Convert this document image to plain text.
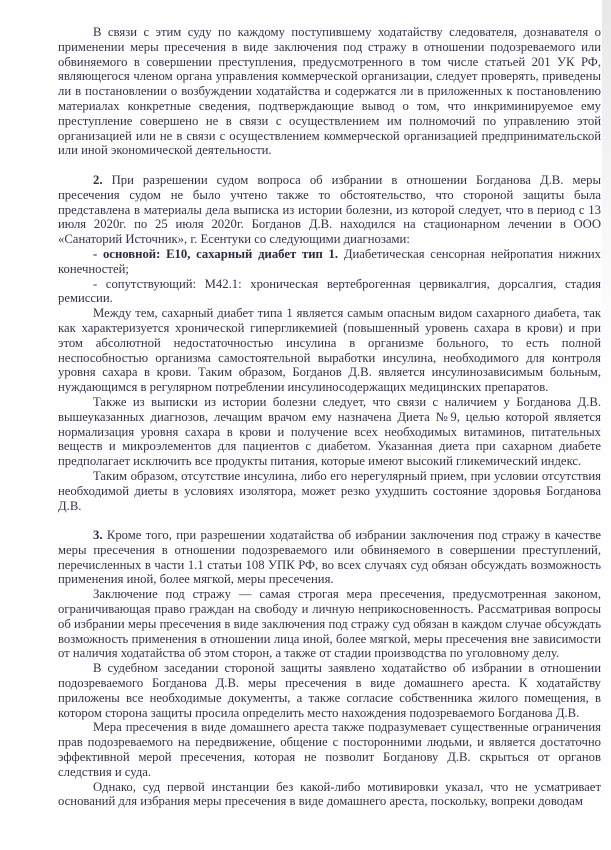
В связи с этим суду по каждому поступившему ходатайству следователя, дознавателя о применении меры пресечения в виде заключения под стражу в отношении подозреваемого или обвиняемого в совершении преступления, предусмотренного в том числе статьей 201 УК РФ, являющегося членом органа управления коммерческой организации, следует проверять, приведены ли в постановлении о возбуждении ходатайства и содержатся ли в приложенных к постановлению материалах конкретные сведения, подтверждающие вывод о том, что инкриминируемое ему преступление совершено не в связи с осуществлением им полномочий по управлению этой организацией или не в связи с осуществлением коммерческой организацией предпринимательской или иной экономической деятельности.

2. При разрешении судом вопроса об избрании в отношении Богданова Д.В. меры пресечения судом не было учтено также то обстоятельство, что стороной защиты была представлена в материалы дела выписка из истории болезни, из которой следует, что в период с 13 июля 2020г. по 25 июля 2020г. Богданов Д.В. находился на стационарном лечении в ООО «Санаторий Источник», г. Есентуки со следующими диагнозами:

- основной: Е10, сахарный диабет тип 1. Диабетическая сенсорная нейропатия нижних конечностей;

- сопутствующий: М42.1: хроническая вертеброгенная цервикалгия, дорсалгия, стадия ремиссии.

Между тем, сахарный диабет типа 1 является самым опасным видом сахарного диабета, так как характеризуется хронической гипергликемией (повышенный уровень сахара в крови) и при этом абсолютной недостаточностью инсулина в организме больного, то есть полной неспособностью организма самостоятельной выработки инсулина, необходимого для контроля уровня сахара в крови. Таким образом, Богданов Д.В. является инсулинозависимым больным, нуждающимся в регулярном потреблении инсулиносодержащих медицинских препаратов.

Также из выписки из истории болезни следует, что связи с наличием у Богданова Д.В. вышеуказанных диагнозов, лечащим врачом ему назначена Диета №9, целью которой является нормализация уровня сахара в крови и получение всех необходимых витаминов, питательных веществ и микроэлементов для пациентов с диабетом. Указанная диета при сахарном диабете предполагает исключить все продукты питания, которые имеют высокий гликемический индекс.

Таким образом, отсутствие инсулина, либо его нерегулярный прием, при условии отсутствия необходимой диеты в условиях изолятора, может резко ухудшить состояние здоровья Богданова Д.В.

3. Кроме того, при разрешении ходатайства об избрании заключения под стражу в качестве меры пресечения в отношении подозреваемого или обвиняемого в совершении преступлений, перечисленных в части 1.1 статьи 108 УПК РФ, во всех случаях суд обязан обсуждать возможность применения иной, более мягкой, меры пресечения.

Заключение под стражу — самая строгая мера пресечения, предусмотренная законом, ограничивающая право граждан на свободу и личную неприкосновенность. Рассматривая вопросы об избрании меры пресечения в виде заключения под стражу суд обязан в каждом случае обсуждать возможность применения в отношении лица иной, более мягкой, меры пресечения вне зависимости от наличия ходатайства об этом сторон, а также от стадии производства по уголовному делу.

В судебном заседании стороной защиты заявлено ходатайство об избрании в отношении подозреваемого Богданова Д.В. меры пресечения в виде домашнего ареста. К ходатайству приложены все необходимые документы, а также согласие собственника жилого помещения, в котором сторона защиты просила определить место нахождения подозреваемого Богданова Д.В.

Мера пресечения в виде домашнего ареста также подразумевает существенные ограничения прав подозреваемого на передвижение, общение с посторонними людьми, и является достаточно эффективной мерой пресечения, которая не позволит Богданову Д.В. скрыться от органов следствия и суда.

Однако, суд первой инстанции без какой-либо мотивировки указал, что не усматривает оснований для избрания меры пресечения в виде домашнего ареста, поскольку, вопреки доводам
